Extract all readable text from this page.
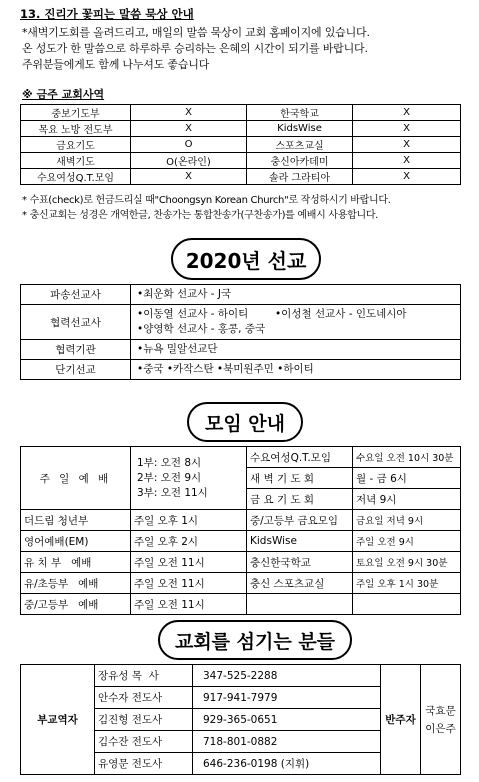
13. 진리가 꽃피는 말씀 묵상 안내
*새벽기도회를 올려드리고, 매일의 말씀 묵상이 교회 홈페이지에 있습니다.
온 성도가 한 말씀으로 하루하루 승리하는 은혜의 시간이 되기를 바랍니다.
주위분들에게도 함께 나누셔도 좋습니다
※ 금주 교회사역
중보기도부	X	한국학교	X
목요 노방 전도부	X	KidsWise	X
금요기도	O	스포츠교실	X
새벽기도	O(온라인)	충신아카데미	X
수요여성Q.T.모임	X	솔라 그라티아	X
* 수표(check)로 헌금드리실 때"Choongsyn Korean Church"로 작성하시기 바랍니다.
* 충신교회는 성경은 개역한글, 찬송가는 통합찬송가(구찬송가)를 예배시 사용합니다.
2020년 선교
파송선교사	•최운화 선교사 - J국

협력선교사	•이동열 선교사 - 하이티        •이성철 선교사 - 인도네시아
•양영학 선교사 - 홍콩, 중국

협력기관	•뉴욕 밀알선교단

단기선교	•중국 •카작스탄 •북미원주민 •하이티
모임 안내
주 일 예 배	1부: 오전 8시
2부: 오전 9시
3부: 오전 11시	수요여성Q.T.모임	수요일 오전 10시 30분
		새 벽 기 도 회	월 - 금 6시
		금 요 기 도 회	저녁 9시
더드림 청년부	주일 오후 1시	중/고등부 금요모임	금요일 저녁 9시
영어예배(EM)	주일 오후 2시	KidsWise	주일 오전 9시
유 치 부   예배	주일 오전 11시	충신한국학교	토요일 오전 9시 30분
유/초등부   예배	주일 오전 11시	충신 스포츠교실	주일 오후 1시 30분
중/고등부   예배	주일 오전 11시		
교회를 섬기는 분들
부교역자	장유성 목  사	347-525-2288	반주자	국효문
이은주

	안수자 전도사	917-941-7979		
	김진형 전도사	929-365-0651		
	김수잔 전도사	718-801-0882		
	유영문 전도사	646-236-0198 (지휘)		
